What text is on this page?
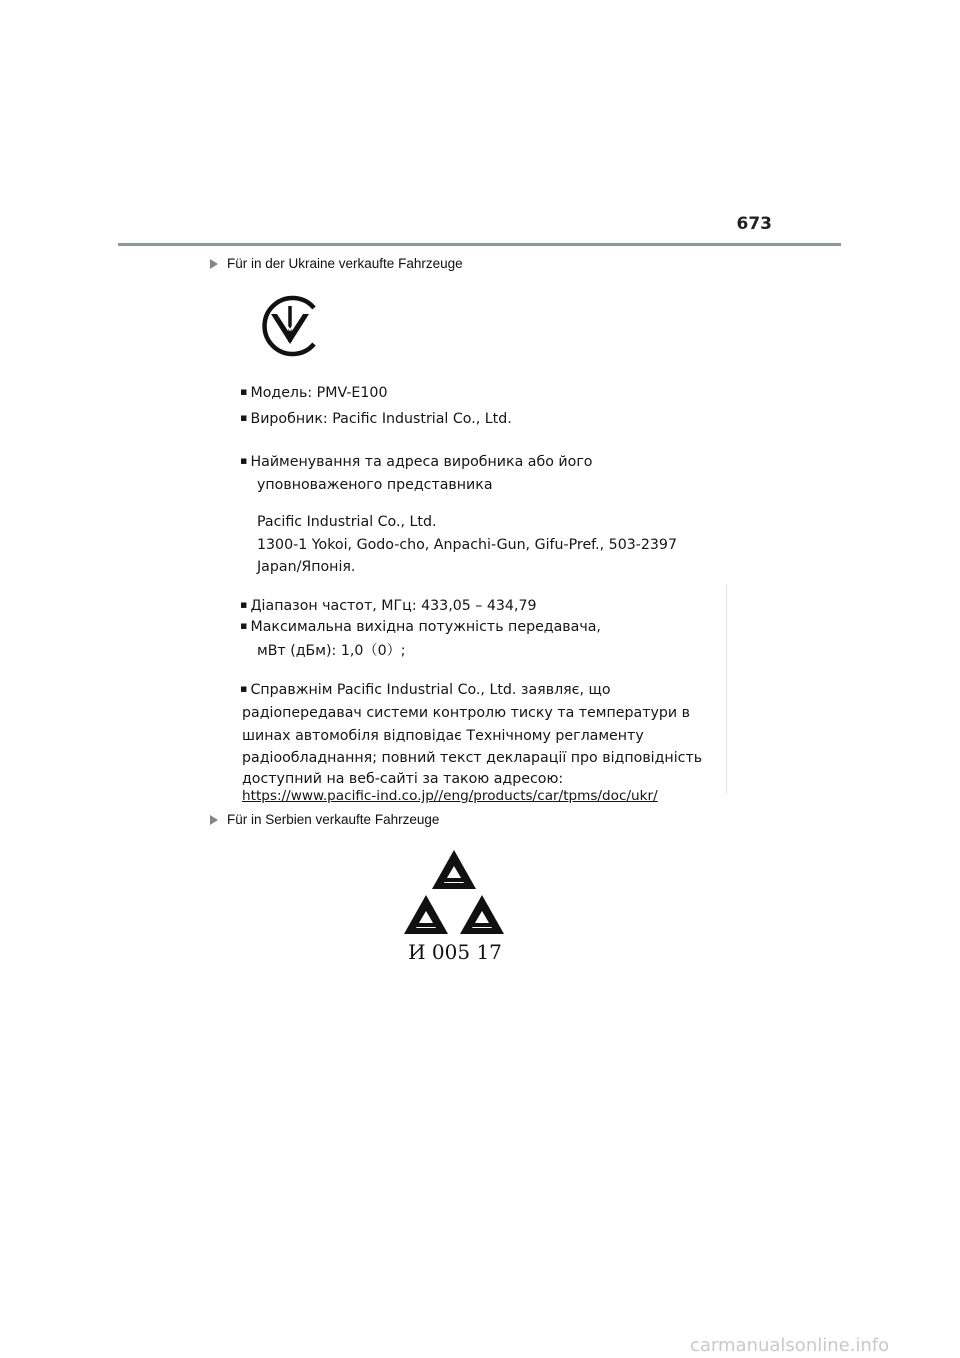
673
Für in der Ukraine verkaufte Fahrzeuge
▪ Модель: PMV-E100
▪ Виробник: Pacific Industrial Co., Ltd.
▪ Найменування та адреса виробника або його
уповноваженого представника
Pacific Industrial Co., Ltd.
1300-1 Yokoi, Godo-cho, Anpachi-Gun, Gifu-Pref., 503-2397
Japan/Японія.
▪ Діапазон частот, МГц: 433,05 – 434,79
▪ Максимальна вихідна потужність передавача,
мВт (дБм): 1,0（0）;
▪ Справжнім Pacific Industrial Co., Ltd. заявляє, що
радіопередавач системи контролю тиску та температури в
шинах автомобіля відповідає Технічному регламенту
радіообладнання; повний текст декларації про відповідність
доступний на веб-сайті за такою адресою:
https://www.pacific-ind.co.jp//eng/products/car/tpms/doc/ukr/
Für in Serbien verkaufte Fahrzeuge
И 005 17
carmanualsonline.info
